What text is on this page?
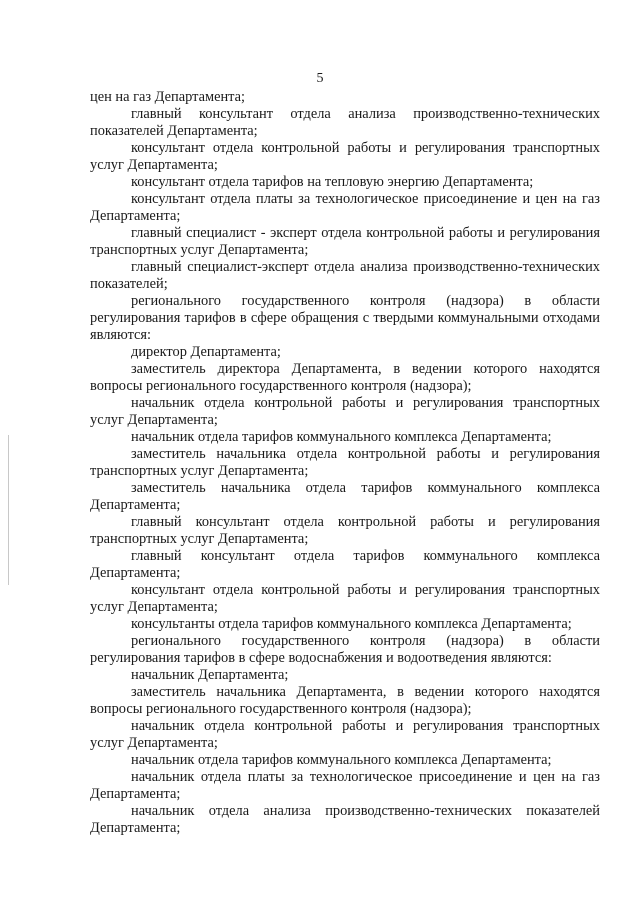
5

цен на газ Департамента;

главный консультант отдела анализа производственно-технических показателей Департамента;

консультант отдела контрольной работы и регулирования транспортных услуг Департамента;

консультант отдела тарифов на тепловую энергию Департамента;

консультант отдела платы за технологическое присоединение и цен на газ Департамента;

главный специалист - эксперт отдела контрольной работы и регулирования транспортных услуг Департамента;

главный специалист-эксперт отдела анализа производственно-технических показателей;

регионального государственного контроля (надзора) в области регулирования тарифов в сфере обращения с твердыми коммунальными отходами являются:

директор Департамента;

заместитель директора Департамента, в ведении которого находятся вопросы регионального государственного контроля (надзора);

начальник отдела контрольной работы и регулирования транспортных услуг Департамента;

начальник отдела тарифов коммунального комплекса Департамента;

заместитель начальника отдела контрольной работы и регулирования транспортных услуг Департамента;

заместитель начальника отдела тарифов коммунального комплекса Департамента;

главный консультант отдела контрольной работы и регулирования транспортных услуг Департамента;

главный консультант отдела тарифов коммунального комплекса Департамента;

консультант отдела контрольной работы и регулирования транспортных услуг Департамента;

консультанты отдела тарифов коммунального комплекса Департамента;

регионального государственного контроля (надзора) в области регулирования тарифов в сфере водоснабжения и водоотведения являются:

начальник Департамента;

заместитель начальника Департамента, в ведении которого находятся вопросы регионального государственного контроля (надзора);

начальник отдела контрольной работы и регулирования транспортных услуг Департамента;

начальник отдела тарифов коммунального комплекса Департамента;

начальник отдела платы за технологическое присоединение и цен на газ Департамента;

начальник отдела анализа производственно-технических показателей Департамента;
